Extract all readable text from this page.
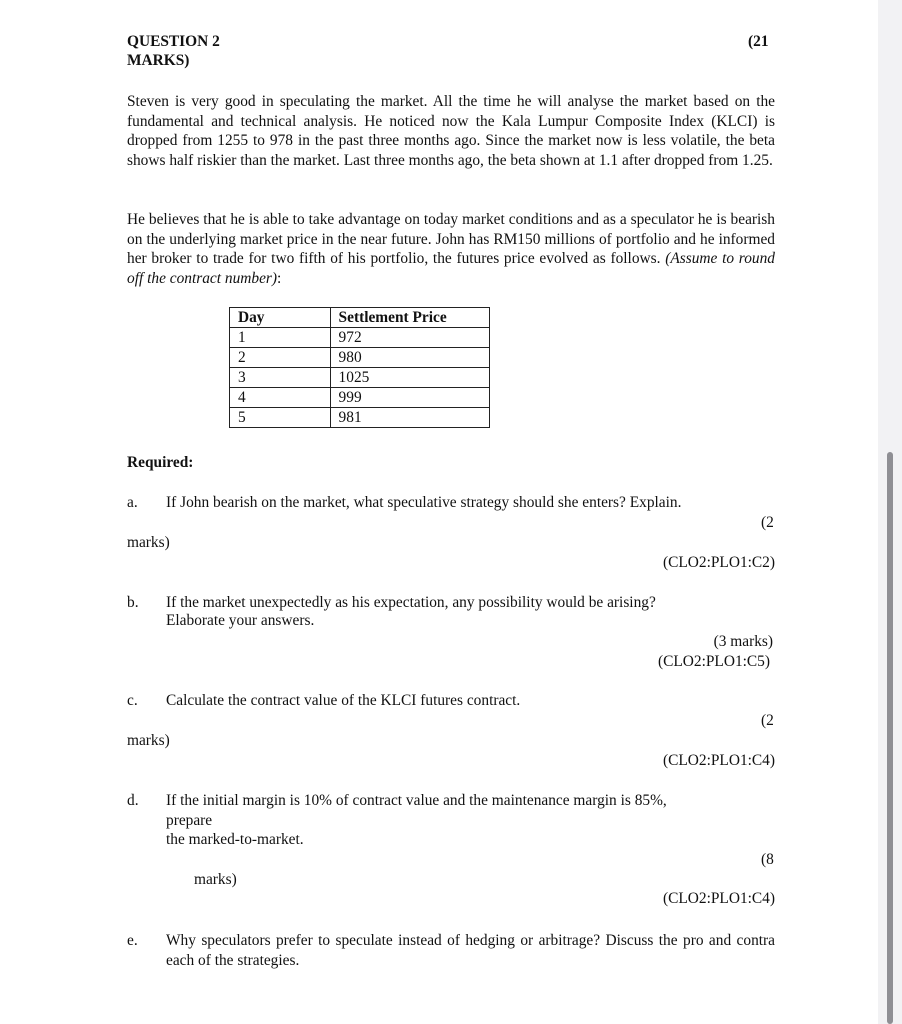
QUESTION 2	(21
MARKS)
Steven is very good in speculating the market. All the time he will analyse the market based on the fundamental and technical analysis. He noticed now the Kala Lumpur Composite Index (KLCI) is dropped from 1255 to 978 in the past three months ago. Since the market now is less volatile, the beta shows half riskier than the market. Last three months ago, the beta shown at 1.1 after dropped from 1.25.
He believes that he is able to take advantage on today market conditions and as a speculator he is bearish on the underlying market price in the near future. John has RM150 millions of portfolio and he informed her broker to trade for two fifth of his portfolio, the futures price evolved as follows. (Assume to round off the contract number):
Day	Settlement Price
1	972
2	980
3	1025
4	999
5	981
Required:
a. If John bearish on the market, what speculative strategy should she enters? Explain.
(2
marks)
(CLO2:PLO1:C2)
b. If the market unexpectedly as his expectation, any possibility would be arising?
Elaborate your answers.
(3 marks)
(CLO2:PLO1:C5)
c. Calculate the contract value of the KLCI futures contract.
(2
marks)
(CLO2:PLO1:C4)
d. If the initial margin is 10% of contract value and the maintenance margin is 85%,
prepare
the marked-to-market.
(8
marks)
(CLO2:PLO1:C4)
e. Why speculators prefer to speculate instead of hedging or arbitrage? Discuss the pro and contra each of the strategies.
